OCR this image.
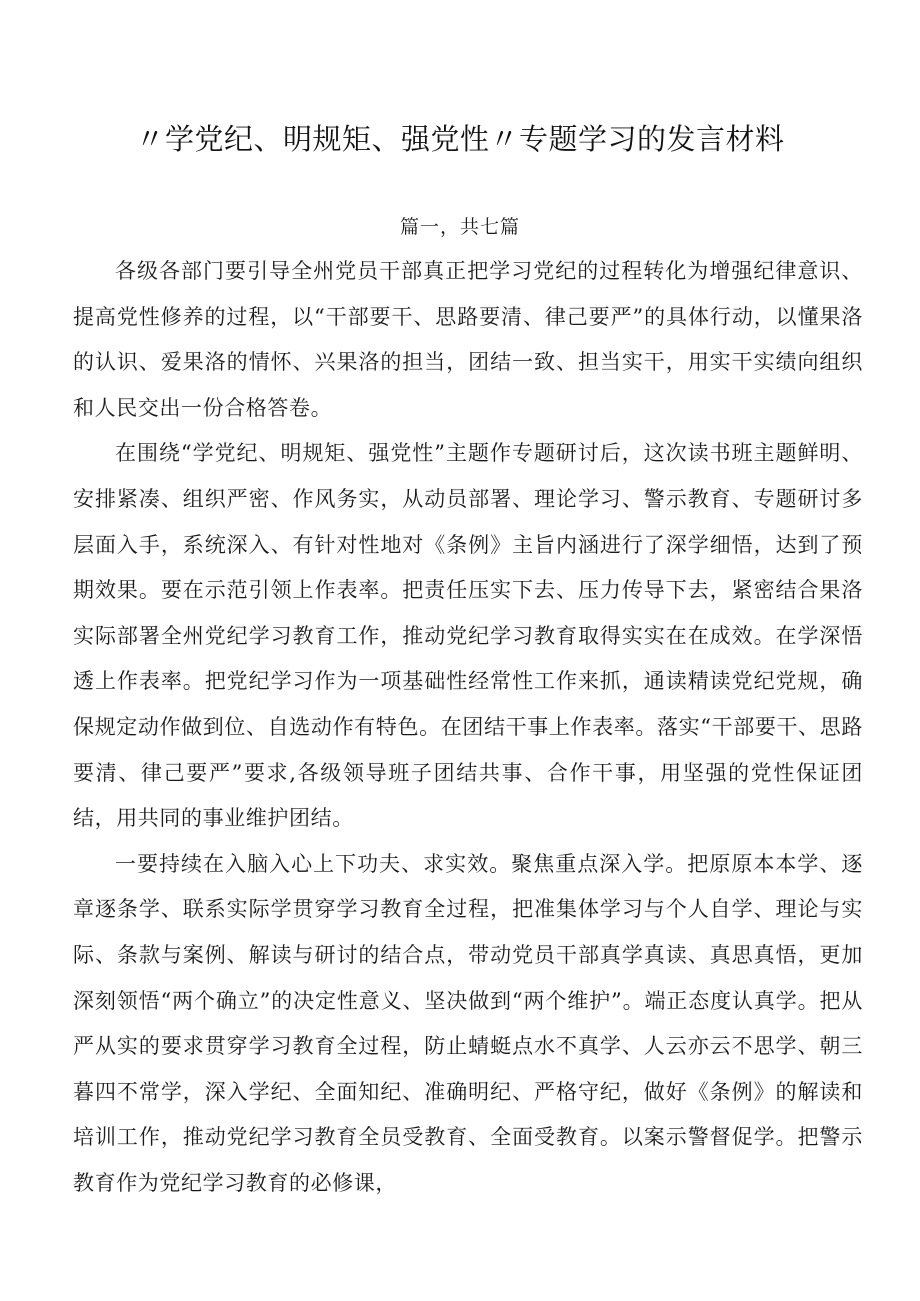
〃学党纪、明规矩、强党性〃专题学习的发言材料
篇一，共七篇

各级各部门要引导全州党员干部真正把学习党纪的过程转化为增强纪律意识、提高党性修养的过程，以“干部要干、思路要清、律己要严”的具体行动，以懂果洛的认识、爱果洛的情怀、兴果洛的担当，团结一致、担当实干，用实干实绩向组织和人民交出一份合格答卷。

在围绕“学党纪、明规矩、强党性”主题作专题研讨后，这次读书班主题鲜明、安排紧凑、组织严密、作风务实，从动员部署、理论学习、警示教育、专题研讨多层面入手，系统深入、有针对性地对《条例》主旨内涵进行了深学细悟，达到了预期效果。要在示范引领上作表率。把责任压实下去、压力传导下去，紧密结合果洛实际部署全州党纪学习教育工作，推动党纪学习教育取得实实在在成效。在学深悟透上作表率。把党纪学习作为一项基础性经常性工作来抓，通读精读党纪党规，确保规定动作做到位、自选动作有特色。在团结干事上作表率。落实“干部要干、思路要清、律己要严”要求,各级领导班子团结共事、合作干事，用坚强的党性保证团结，用共同的事业维护团结。

一要持续在入脑入心上下功夫、求实效。聚焦重点深入学。把原原本本学、逐章逐条学、联系实际学贯穿学习教育全过程，把准集体学习与个人自学、理论与实际、条款与案例、解读与研讨的结合点，带动党员干部真学真读、真思真悟，更加深刻领悟“两个确立”的决定性意义、坚决做到“两个维护”。端正态度认真学。把从严从实的要求贯穿学习教育全过程，防止蜻蜓点水不真学、人云亦云不思学、朝三暮四不常学，深入学纪、全面知纪、准确明纪、严格守纪，做好《条例》的解读和培训工作，推动党纪学习教育全员受教育、全面受教育。以案示警督促学。把警示教育作为党纪学习教育的必修课，
